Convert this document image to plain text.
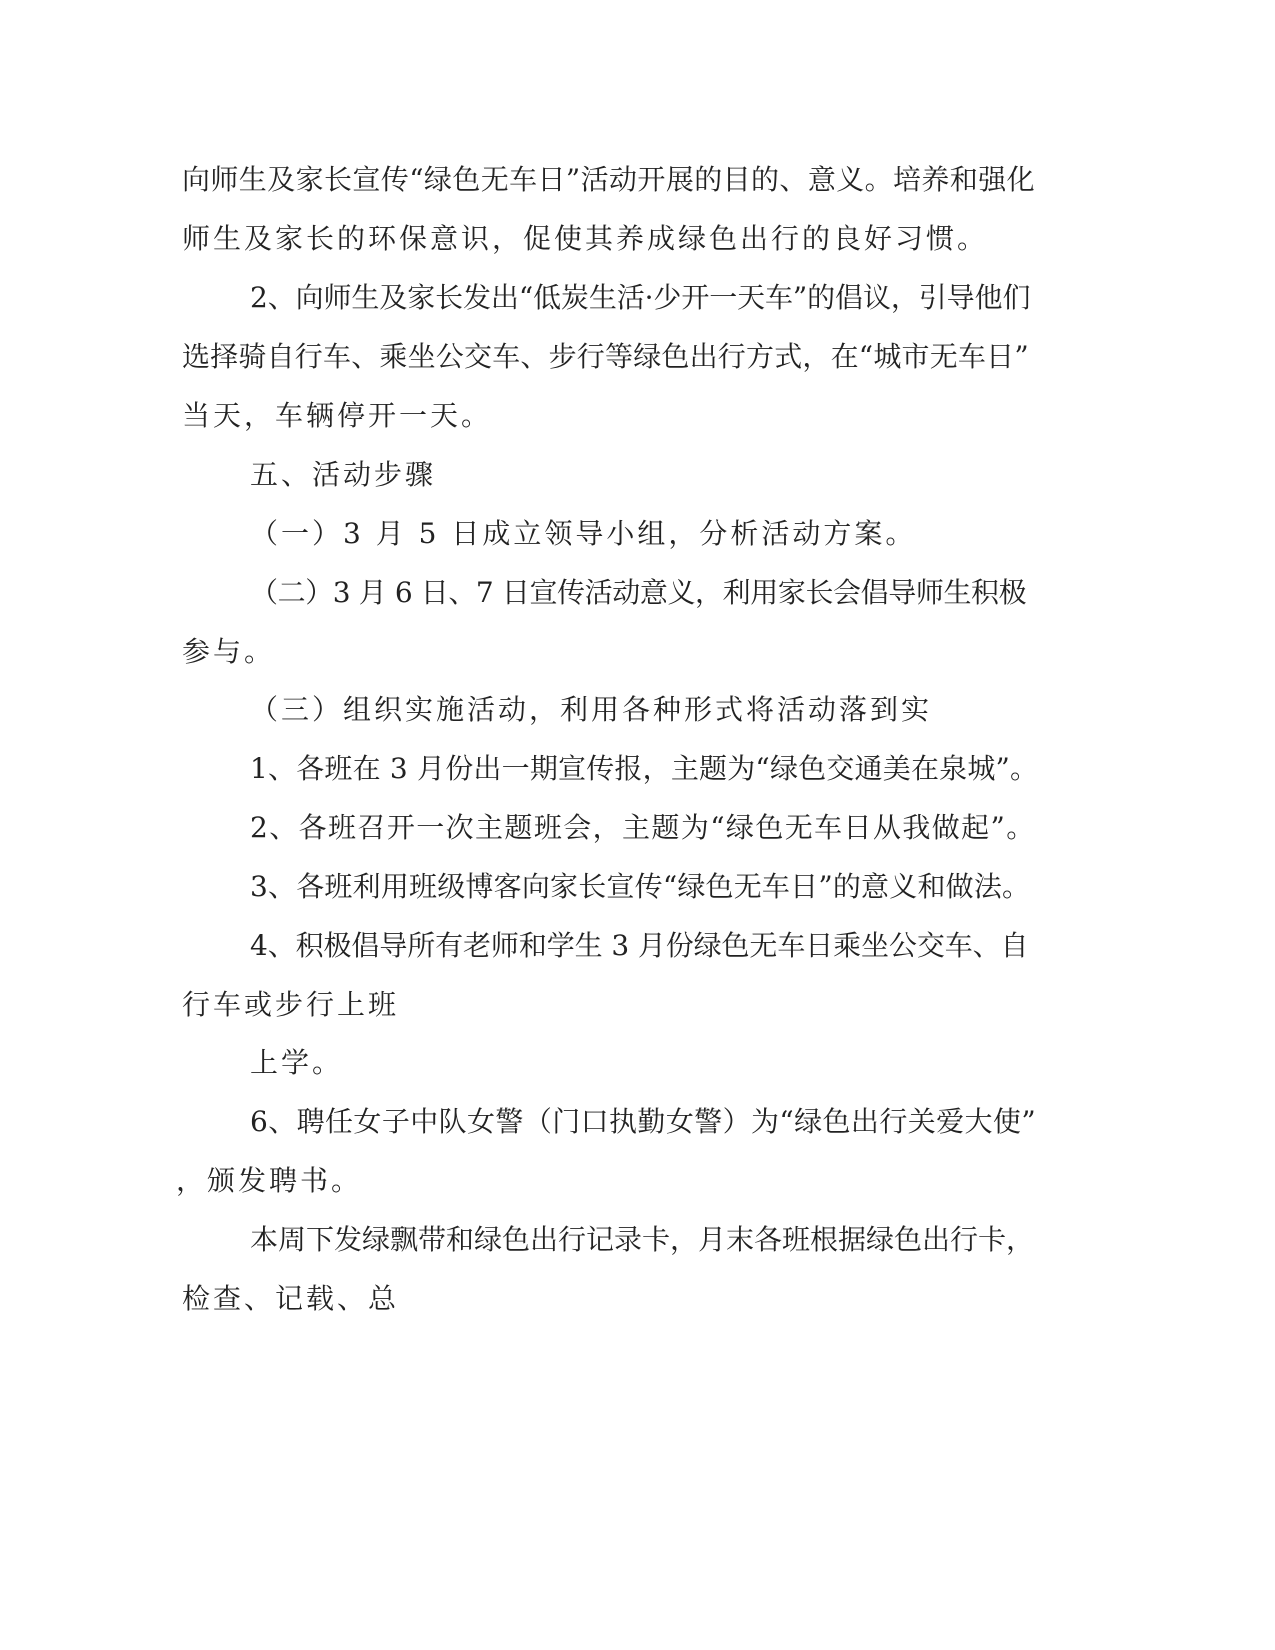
向师生及家长宣传“绿色无车日”活动开展的目的、意义。培养和强化

师生及家长的环保意识，促使其养成绿色出行的良好习惯。

2、向师生及家长发出“低炭生活·少开一天车”的倡议，引导他们

选择骑自行车、乘坐公交车、步行等绿色出行方式，在“城市无车日”

当天，车辆停开一天。

五、活动步骤

（一）3 月 5 日成立领导小组，分析活动方案。

（二）3 月 6 日、7 日宣传活动意义，利用家长会倡导师生积极

参与。

（三）组织实施活动，利用各种形式将活动落到实

1、各班在 3 月份出一期宣传报，主题为“绿色交通美在泉城”。

2、各班召开一次主题班会，主题为“绿色无车日从我做起”。

3、各班利用班级博客向家长宣传“绿色无车日”的意义和做法。

4、积极倡导所有老师和学生 3 月份绿色无车日乘坐公交车、自

行车或步行上班

上学。

6、聘任女子中队女警（门口执勤女警）为“绿色出行关爱大使”

，颁发聘书。

本周下发绿飘带和绿色出行记录卡，月末各班根据绿色出行卡，

检查、记载、总
